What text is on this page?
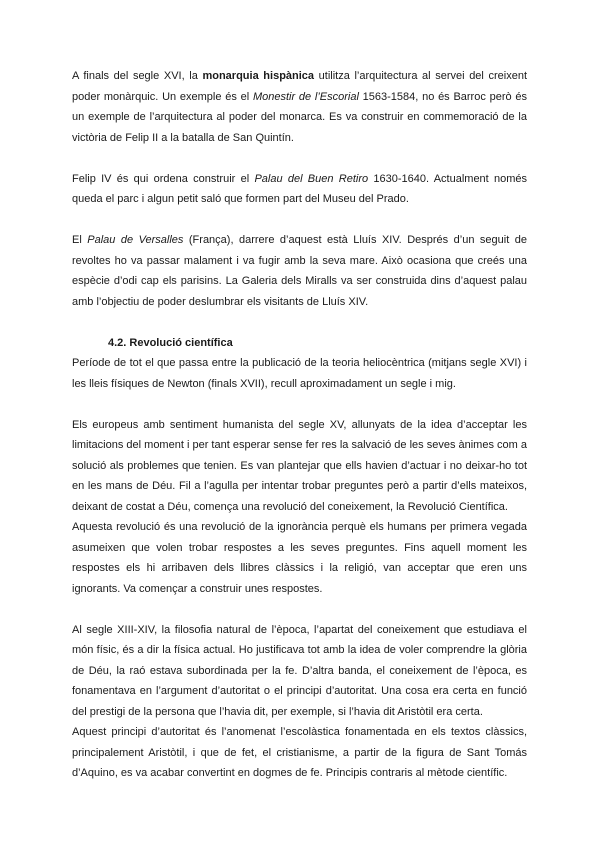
A finals del segle XVI, la monarquia hispànica utilitza l’arquitectura al servei del creixent poder monàrquic. Un exemple és el Monestir de l’Escorial 1563-1584, no és Barroc però és un exemple de l’arquitectura al poder del monarca. Es va construir en commemoració de la victòria de Felip II a la batalla de San Quintín.

Felip IV és qui ordena construir el Palau del Buen Retiro 1630-1640. Actualment només queda el parc i algun petit saló que formen part del Museu del Prado.

El Palau de Versalles (França), darrere d’aquest està Lluís XIV. Després d’un seguit de revoltes ho va passar malament i va fugir amb la seva mare. Això ocasiona que creés una espècie d’odi cap els parisins. La Galeria dels Miralls va ser construida dins d’aquest palau amb l’objectiu de poder deslumbrar els visitants de Lluís XIV.

4.2. Revolució científica

Període de tot el que passa entre la publicació de la teoria heliocèntrica (mitjans segle XVI) i les lleis físiques de Newton (finals XVII), recull aproximadament un segle i mig.

Els europeus amb sentiment humanista del segle XV, allunyats de la idea d’acceptar les limitacions del moment i per tant esperar sense fer res la salvació de les seves ànimes com a solució als problemes que tenien. Es van plantejar que ells havien d’actuar i no deixar-ho tot en les mans de Déu. Fil a l’agulla per intentar trobar preguntes però a partir d’ells mateixos, deixant de costat a Déu, comença una revolució del coneixement, la Revolució Científica.

Aquesta revolució és una revolució de la ignorància perquè els humans per primera vegada asumeixen que volen trobar respostes a les seves preguntes. Fins aquell moment les respostes els hi arribaven dels llibres clàssics i la religió, van acceptar que eren uns ignorants. Va començar a construir unes respostes.

Al segle XIII-XIV, la filosofia natural de l’època, l’apartat del coneixement que estudiava el món físic, és a dir la física actual. Ho justificava tot amb la idea de voler comprendre la glòria de Déu, la raó estava subordinada per la fe. D’altra banda, el coneixement de l’època, es fonamentava en l’argument d’autoritat o el principi d’autoritat. Una cosa era certa en funció del prestigi de la persona que l’havia dit, per exemple, si l’havia dit Aristòtil era certa.

Aquest principi d’autoritat és l’anomenat l’escolàstica fonamentada en els textos clàssics, principalement Aristòtil, i que de fet, el cristianisme, a partir de la figura de Sant Tomás d’Aquino, es va acabar convertint en dogmes de fe. Principis contraris al mètode científic.
